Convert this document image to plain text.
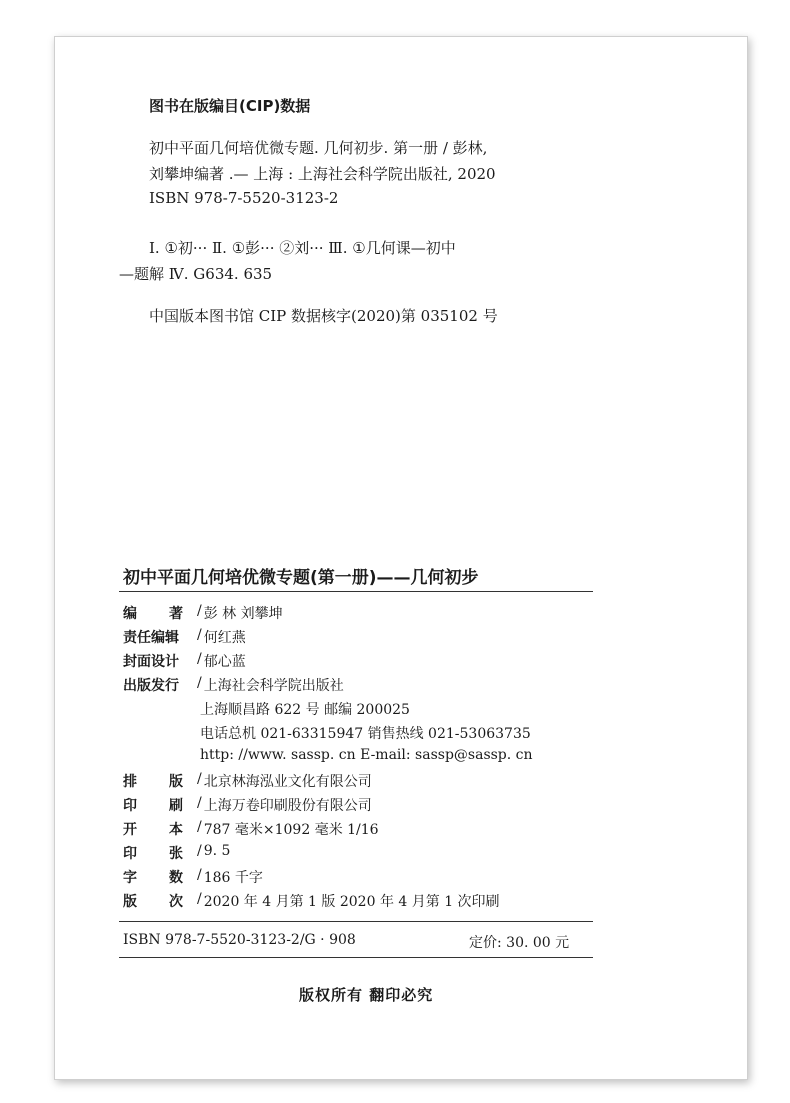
图书在版编目(CIP)数据
初中平面几何培优微专题. 几何初步. 第一册 / 彭林,
刘攀坤编著 .— 上海 : 上海社会科学院出版社, 2020
ISBN 978-7-5520-3123-2
Ⅰ. ①初··· Ⅱ. ①彭··· ②刘··· Ⅲ. ①几何课—初中
—题解 Ⅳ. G634. 635
中国版本图书馆 CIP 数据核字(2020)第 035102 号
初中平面几何培优微专题(第一册)——几何初步
编著 / 彭 林 刘攀坤
责任编辑	/ 何红燕
封面设计	/ 郁心蓝
出版发行	/ 上海社会科学院出版社
上海顺昌路 622 号 邮编 200025
电话总机 021-63315947 销售热线 021-53063735
http: //www. sassp. cn E-mail: sassp@sassp. cn
排版 / 北京林海泓业文化有限公司
印刷 / 上海万卷印刷股份有限公司
开本 / 787 毫米×1092 毫米 1/16
印张 / 9. 5
字数 / 186 千字
版次 / 2020 年 4 月第 1 版 2020 年 4 月第 1 次印刷
ISBN 978-7-5520-3123-2/G · 908	定价: 30. 00 元
版权所有 翻印必究
